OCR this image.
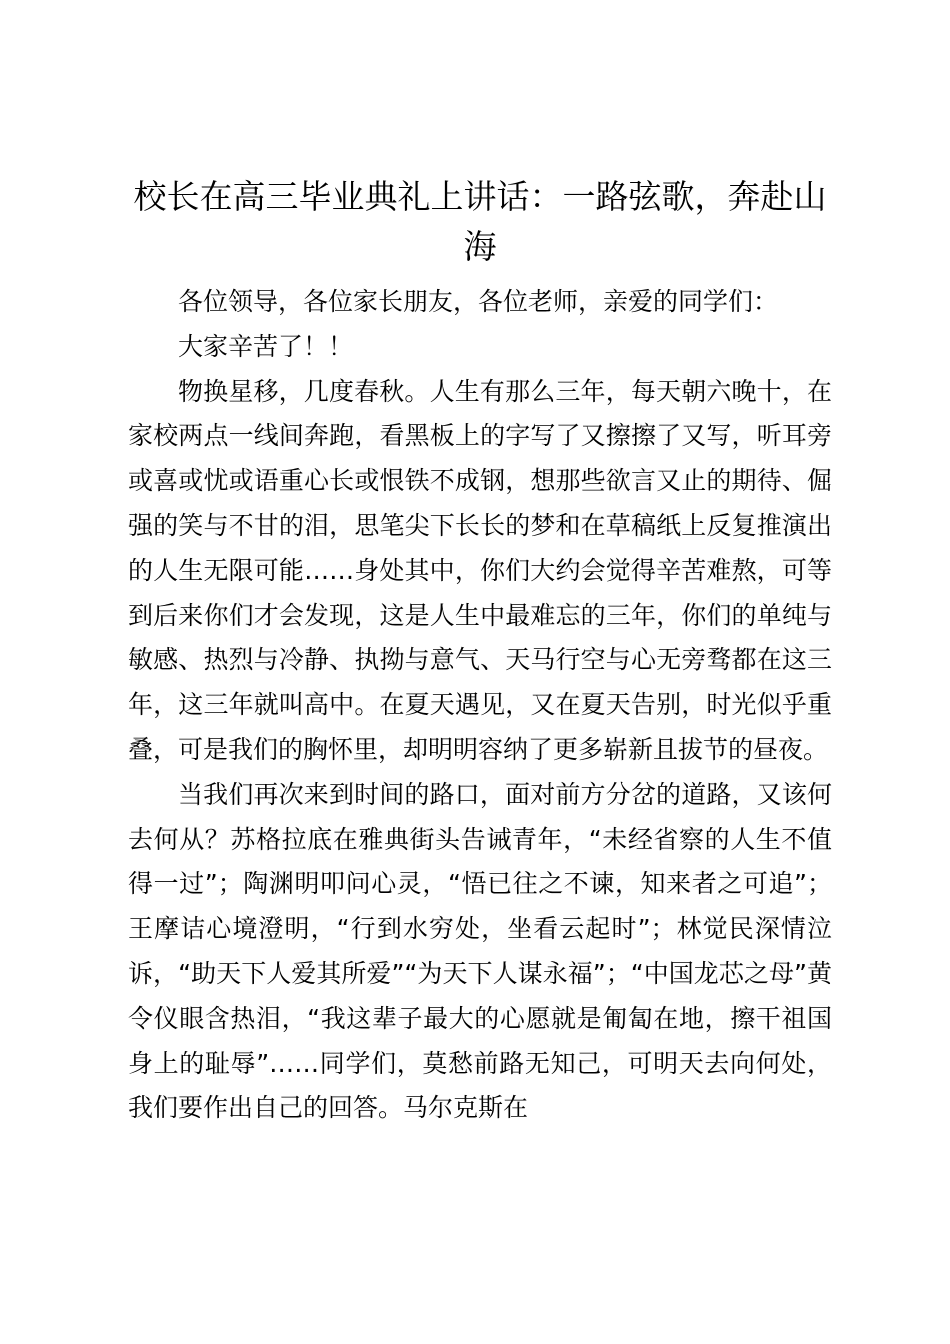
校长在高三毕业典礼上讲话：一路弦歌，奔赴山海

各位领导，各位家长朋友，各位老师，亲爱的同学们：

大家辛苦了！！

物换星移，几度春秋。人生有那么三年，每天朝六晚十，在家校两点一线间奔跑，看黑板上的字写了又擦擦了又写，听耳旁或喜或忧或语重心长或恨铁不成钢，想那些欲言又止的期待、倔强的笑与不甘的泪，思笔尖下长长的梦和在草稿纸上反复推演出的人生无限可能……身处其中，你们大约会觉得辛苦难熬，可等到后来你们才会发现，这是人生中最难忘的三年，你们的单纯与敏感、热烈与冷静、执拗与意气、天马行空与心无旁骛都在这三年，这三年就叫高中。在夏天遇见，又在夏天告别，时光似乎重叠，可是我们的胸怀里，却明明容纳了更多崭新且拔节的昼夜。

当我们再次来到时间的路口，面对前方分岔的道路，又该何去何从？苏格拉底在雅典街头告诫青年，“未经省察的人生不值得一过”；陶渊明叩问心灵，“悟已往之不谏，知来者之可追”；王摩诘心境澄明，“行到水穷处，坐看云起时”；林觉民深情泣诉，“助天下人爱其所爱”“为天下人谋永福”；“中国龙芯之母”黄令仪眼含热泪，“我这辈子最大的心愿就是匍匐在地，擦干祖国身上的耻辱”……同学们，莫愁前路无知己，可明天去向何处，我们要作出自己的回答。马尔克斯在
